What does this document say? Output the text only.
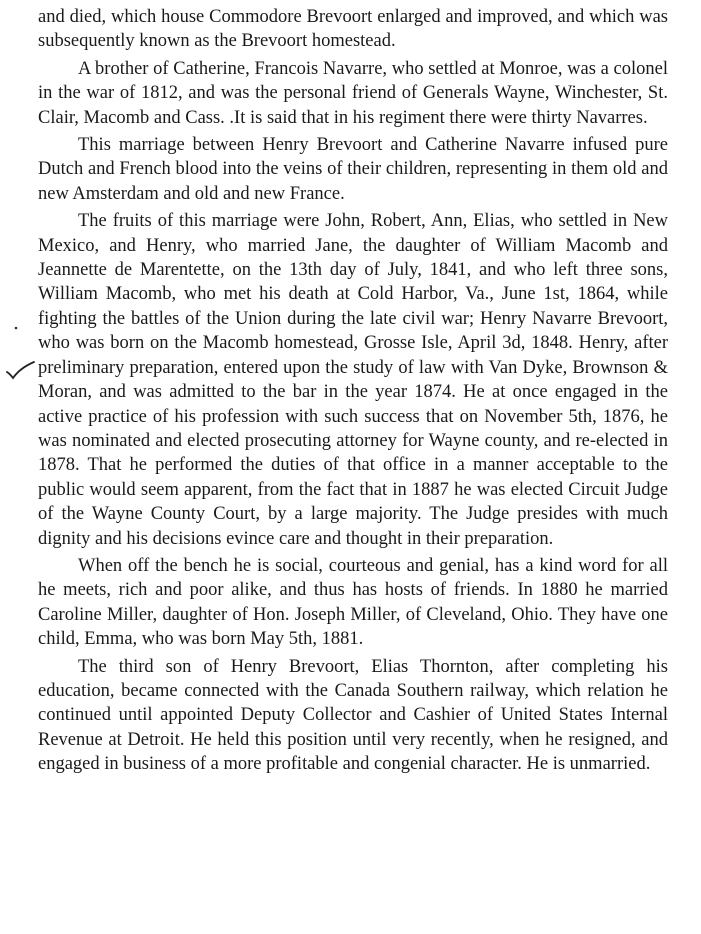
and died, which house Commodore Brevoort enlarged and improved, and which was subsequently known as the Brevoort homestead.

A brother of Catherine, Francois Navarre, who settled at Monroe, was a colonel in the war of 1812, and was the personal friend of Generals Wayne, Winchester, St. Clair, Macomb and Cass. .It is said that in his regiment there were thirty Navarres.

This marriage between Henry Brevoort and Catherine Navarre infused pure Dutch and French blood into the veins of their children, representing in them old and new Amsterdam and old and new France.

The fruits of this marriage were John, Robert, Ann, Elias, who settled in New Mexico, and Henry, who married Jane, the daughter of William Macomb and Jeannette de Marentette, on the 13th day of July, 1841, and who left three sons, William Macomb, who met his death at Cold Harbor, Va., June 1st, 1864, while fighting the battles of the Union during the late civil war; Henry Navarre Brevoort, who was born on the Macomb homestead, Grosse Isle, April 3d, 1848. Henry, after preliminary preparation, entered upon the study of law with Van Dyke, Brownson & Moran, and was admitted to the bar in the year 1874. He at once engaged in the active practice of his profession with such success that on November 5th, 1876, he was nominated and elected prosecuting attorney for Wayne county, and re-elected in 1878. That he performed the duties of that office in a manner acceptable to the public would seem apparent, from the fact that in 1887 he was elected Circuit Judge of the Wayne County Court, by a large majority. The Judge presides with much dignity and his decisions evince care and thought in their preparation.

When off the bench he is social, courteous and genial, has a kind word for all he meets, rich and poor alike, and thus has hosts of friends. In 1880 he married Caroline Miller, daughter of Hon. Joseph Miller, of Cleveland, Ohio. They have one child, Emma, who was born May 5th, 1881.

The third son of Henry Brevoort, Elias Thornton, after completing his education, became connected with the Canada Southern railway, which relation he continued until appointed Deputy Collector and Cashier of United States Internal Revenue at Detroit. He held this position until very recently, when he resigned, and engaged in business of a more profitable and congenial character. He is unmarried.
